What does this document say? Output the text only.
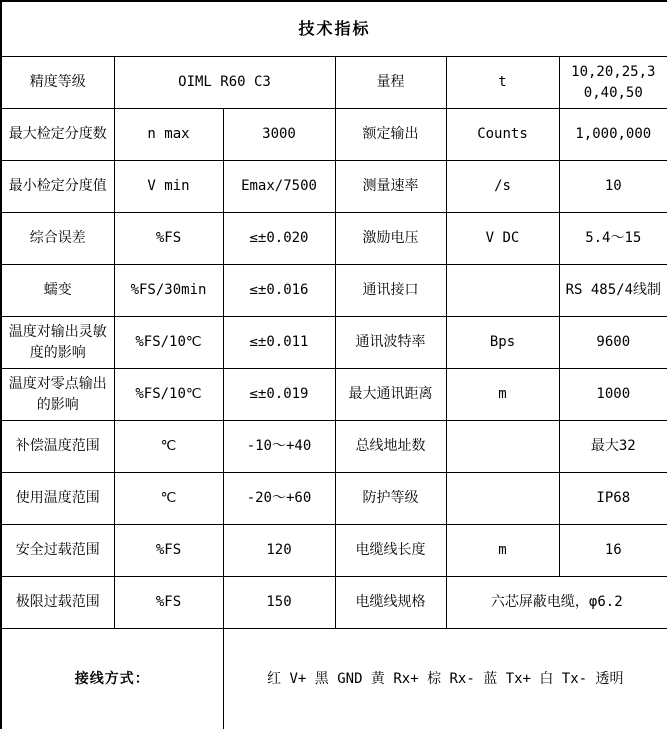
技术指标					
精度等级	OIML R60 C3		量程	t	10,20,25,30,40,50
最大检定分度数	n max	3000	额定输出	Counts	1,000,000
最小检定分度值	V min	Emax/7500	测量速率	/s	10
综合误差	%FS	≤±0.020	激励电压	V DC	5.4～15
蠕变	%FS/30min	≤±0.016	通讯接口		RS 485/4线制
温度对输出灵敏度的影响	%FS/10℃	≤±0.011	通讯波特率	Bps	9600
温度对零点输出的影响	%FS/10℃	≤±0.019	最大通讯距离	m	1000
补偿温度范围	℃	-10～+40	总线地址数		最大32
使用温度范围	℃	-20～+60	防护等级		IP68
安全过载范围	%FS	120	电缆线长度	m	16
极限过载范围	%FS	150	电缆线规格	六芯屏蔽电缆，φ6.2	
接线方式：		红 V+ 黑 GND 黄 Rx+ 棕 Rx- 蓝 Tx+ 白 Tx- 透明			
